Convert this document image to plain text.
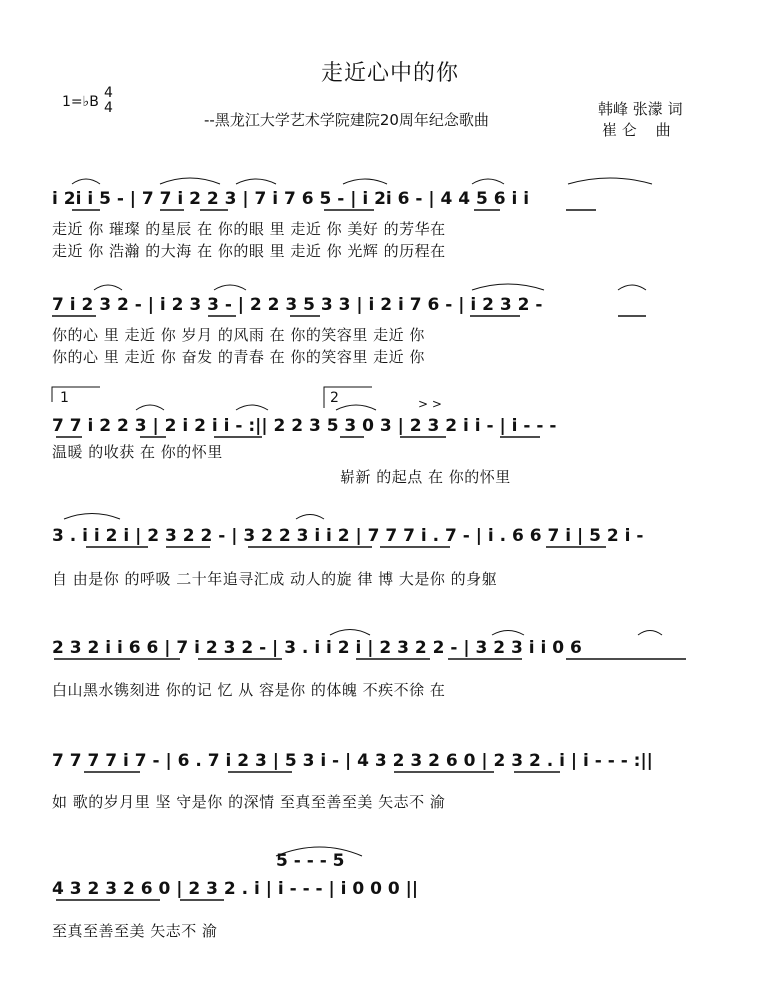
走近心中的你
1=♭B
4
4
--黑龙江大学艺术学院建院20周年纪念歌曲
韩峰 张濛 词
崔 仑 曲
1	2	> >
i 2i i 5 - | 7 7 i 2 2 3 | 7 i 7 6 5 - | i 2i 6 - | 4 4 5 6 i i
7 i 2 3 2 - | i 2 3 3 - | 2 2 3 5 3 3 | i 2 i 7 6 - | i 2 3 2 -
7 7 i 2 2 3 | 2 i 2 i i - :|| 2 2 3 5 3 0 3 | 2 3 2 i i - | i - - -
3 . i i 2 i | 2 3 2 2 - | 3 2 2 3 i i 2 | 7 7 7 i . 7 - | i . 6 6 7 i | 5 2 i -
2 3 2 i i 6 6 | 7 i 2 3 2 - | 3 . i i 2 i | 2 3 2 2 - | 3 2 3 i i 0 6
7 7 7 7 i 7 - | 6 . 7 i 2 3 | 5 3 i - | 4 3 2 3 2 6 0 | 2 3 2 . i | i - - - :||
5 - - - 5
4 3 2 3 2 6 0 | 2 3 2 . i | i - - - | i 0 0 0 ||
走近 你 璀璨 的星辰 在 你的眼 里 走近 你 美好 的芳华在
走近 你 浩瀚 的大海 在 你的眼 里 走近 你 光辉 的历程在
你的心 里 走近 你 岁月 的风雨 在 你的笑容里 走近 你
你的心 里 走近 你 奋发 的青春 在 你的笑容里 走近 你
温暖 的收获 在 你的怀里
崭新 的起点 在 你的怀里
自 由是你 的呼吸 二十年追寻汇成 动人的旋 律 博 大是你 的身躯
白山黑水镌刻进 你的记 忆 从 容是你 的体魄 不疾不徐 在
如 歌的岁月里 坚 守是你 的深情 至真至善至美 矢志不 渝
至真至善至美 矢志不 渝
